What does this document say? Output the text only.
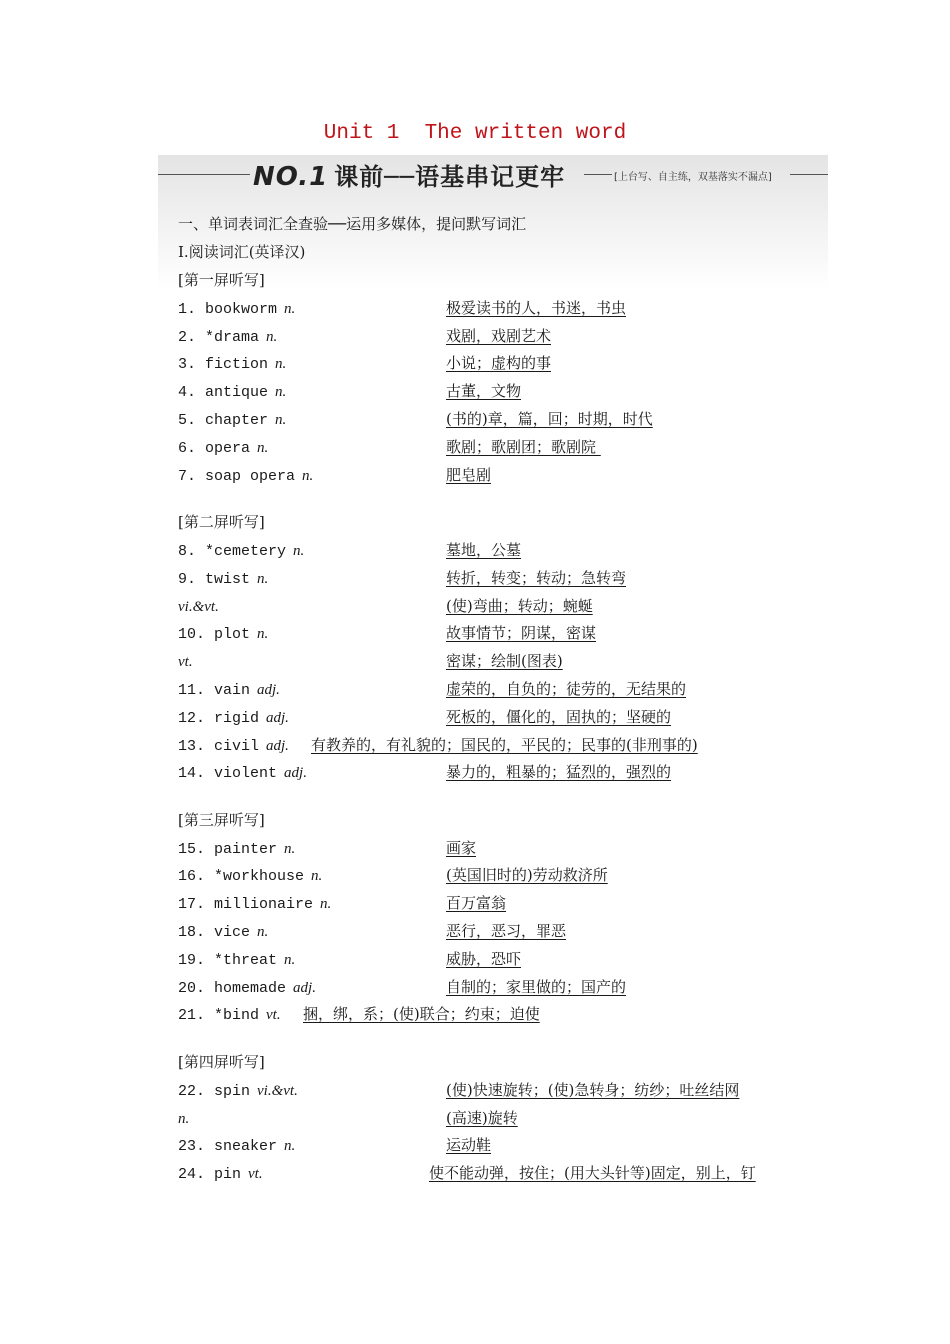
Unit 1  The written word
NO.1 课前──语基串记更牢	[上台写、自主练，双基落实不漏点]
一、单词表词汇全查验──运用多媒体，提问默写词汇
Ⅰ.阅读词汇(英译汉)
[第一屏听写]
1. bookworm n.	极爱读书的人，书迷，书虫
2. *drama n.	戏剧，戏剧艺术
3. fiction n.	小说；虚构的事
4. antique n.	古董，文物
5. chapter n.	(书的)章，篇，回；时期，时代
6. opera n.	歌剧；歌剧团；歌剧院
7. soap opera n.	肥皂剧
[第二屏听写]
8. *cemetery n.	墓地，公墓
9. twist n.	转折，转变；转动；急转弯
vi.&vt.	(使)弯曲；转动；蜿蜒
10. plot n.	故事情节；阴谋，密谋
vt.	密谋；绘制(图表)
11. vain adj.	虚荣的，自负的；徒劳的，无结果的
12. rigid adj.	死板的，僵化的，固执的；坚硬的
13. civil adj. 有教养的，有礼貌的；国民的，平民的；民事的(非刑事的)
14. violent adj.	暴力的，粗暴的；猛烈的，强烈的
[第三屏听写]
15. painter n.	画家
16. *workhouse n.	(英国旧时的)劳动救济所
17. millionaire n.	百万富翁
18. vice n.	恶行，恶习，罪恶
19. *threat n.	威胁，恐吓
20. homemade adj.	自制的；家里做的；国产的
21. *bind vt. 捆，绑，系；(使)联合；约束；迫使
[第四屏听写]
22. spin vi.&vt.	(使)快速旋转；(使)急转身；纺纱；吐丝结网
n.	(高速)旋转
23. sneaker n.	运动鞋
24. pin vt.	使不能动弹，按住；(用大头针等)固定，别上，钉
